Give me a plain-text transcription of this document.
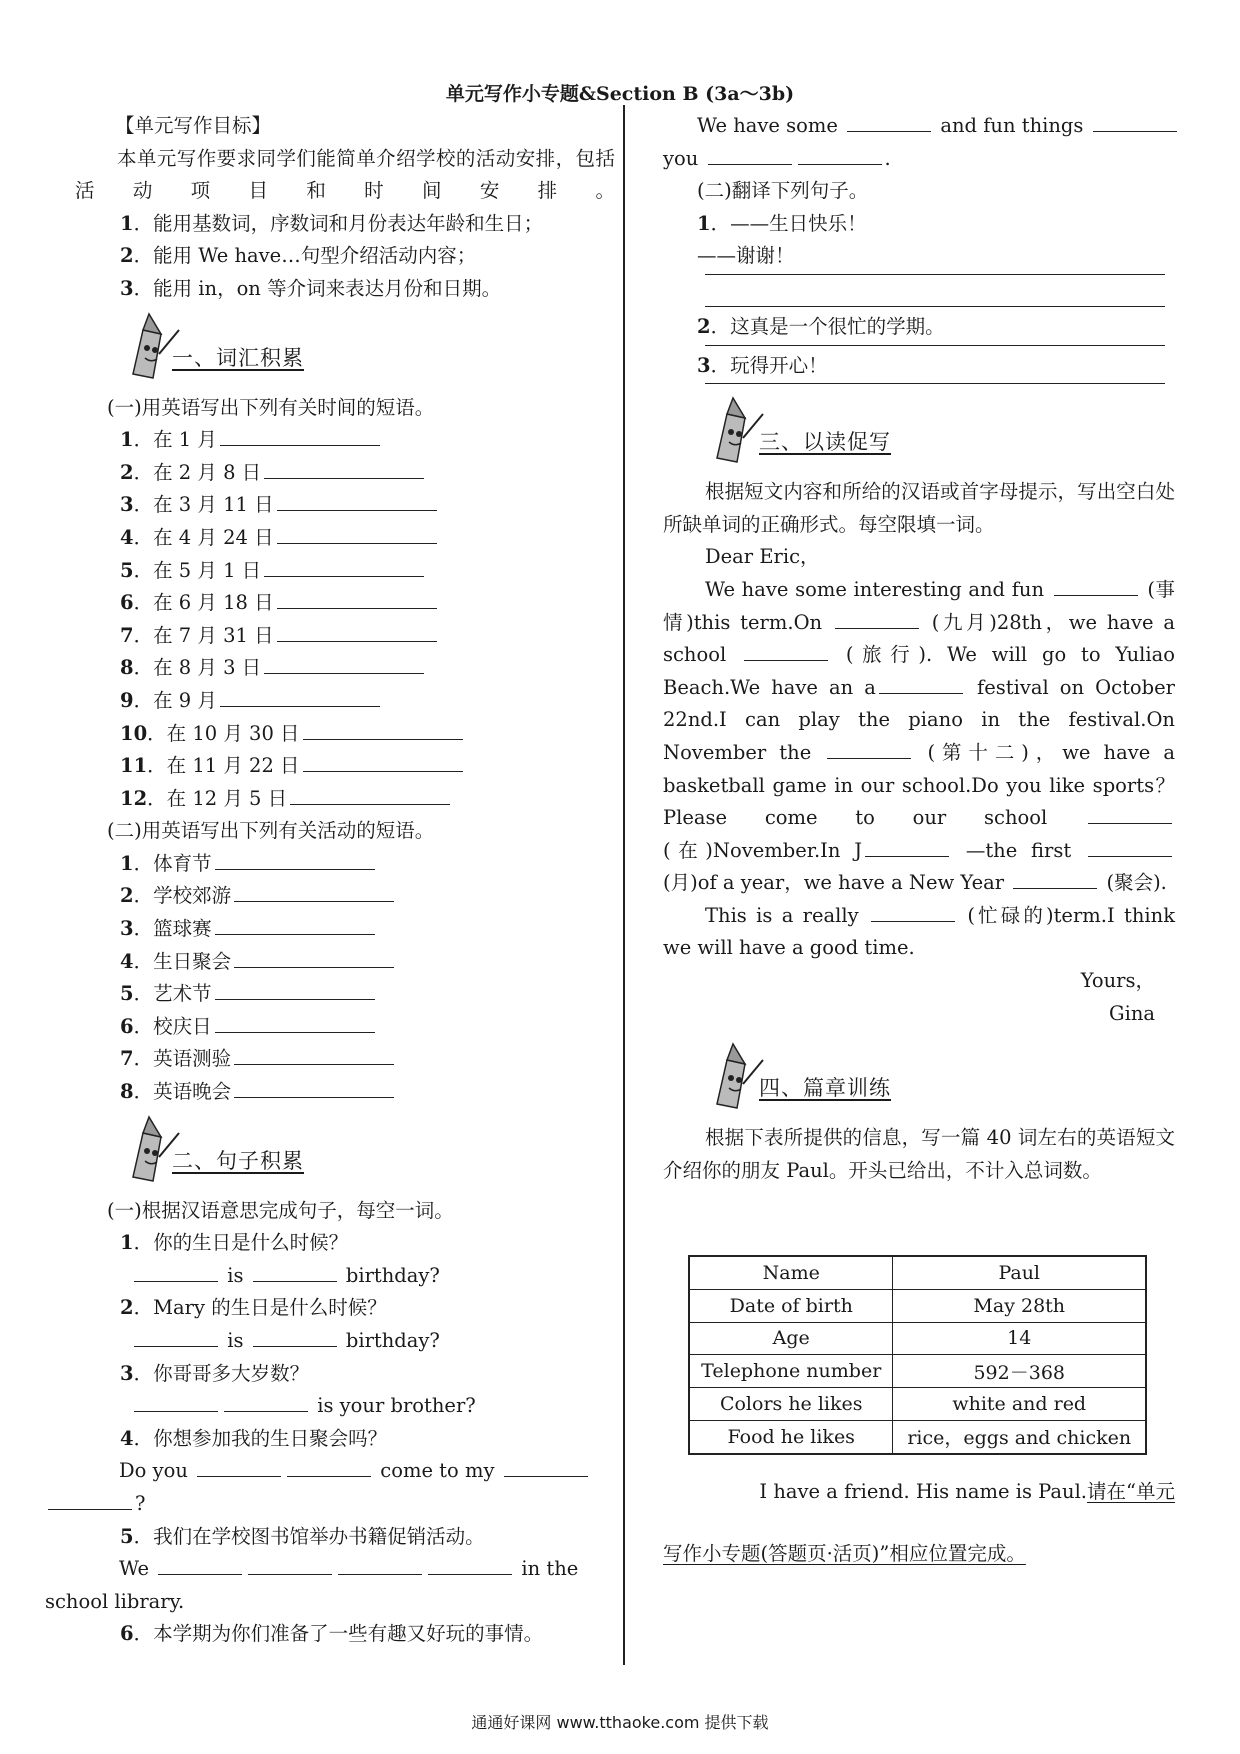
单元写作小专题&Section B (3a～3b)
【单元写作目标】
本单元写作要求同学们能简单介绍学校的活动安排，包括活动项目和时间安排。
1．能用基数词，序数词和月份表达年龄和生日；
2．能用 We have…句型介绍活动内容；
3．能用 in，on 等介词来表达月份和日期。
一、词汇积累
(一)用英语写出下列有关时间的短语。
1．在 1 月
2．在 2 月 8 日
3．在 3 月 11 日
4．在 4 月 24 日
5．在 5 月 1 日
6．在 6 月 18 日
7．在 7 月 31 日
8．在 8 月 3 日
9．在 9 月
10．在 10 月 30 日
11．在 11 月 22 日
12．在 12 月 5 日
(二)用英语写出下列有关活动的短语。
1．体育节
2．学校郊游
3．篮球赛
4．生日聚会
5．艺术节
6．校庆日
7．英语测验
8．英语晚会
二、句子积累
(一)根据汉语意思完成句子，每空一词。
1．你的生日是什么时候？
is	birthday?
2．Mary 的生日是什么时候？
is	birthday?
3．你哥哥多大岁数？
is your brother?
4．你想参加我的生日聚会吗？
Do you	come to my
?
5．我们在学校图书馆举办书籍促销活动。
We	in the
school library.
6．本学期为你们准备了一些有趣又好玩的事情。
We have some	and fun things
you	.
(二)翻译下列句子。
1．——生日快乐！
——谢谢！
2．这真是一个很忙的学期。
3．玩得开心！
三、以读促写
根据短文内容和所给的汉语或首字母提示，写出空白处所缺单词的正确形式。每空限填一词。
Dear Eric，
We have some interesting and fun	(事情)this term.On	(九月)28th，we have a school	(旅行). We will go to Yuliao Beach.We have an a	festival on October 22nd.I can play the piano in the festival.On November the	(第十二)，we have a basketball game in our school.Do you like sports？ Please come to our school  (在)November.In J	—the first  (月)of a year，we have a New Year	(聚会).
This is a really	(忙碌的)term.I think we will have a good time.
Yours，
Gina
四、篇章训练
根据下表所提供的信息，写一篇 40 词左右的英语短文介绍你的朋友 Paul。开头已给出，不计入总词数。
Name	Paul
Date of birth	May 28th
Age	14
Telephone number	592－368
Colors he likes	white and red
Food he likes	rice，eggs and chicken
I have a friend. His name is Paul.请在“单元
写作小专题(答题页·活页)”相应位置完成。
通通好课网 www.tthaoke.com 提供下载
